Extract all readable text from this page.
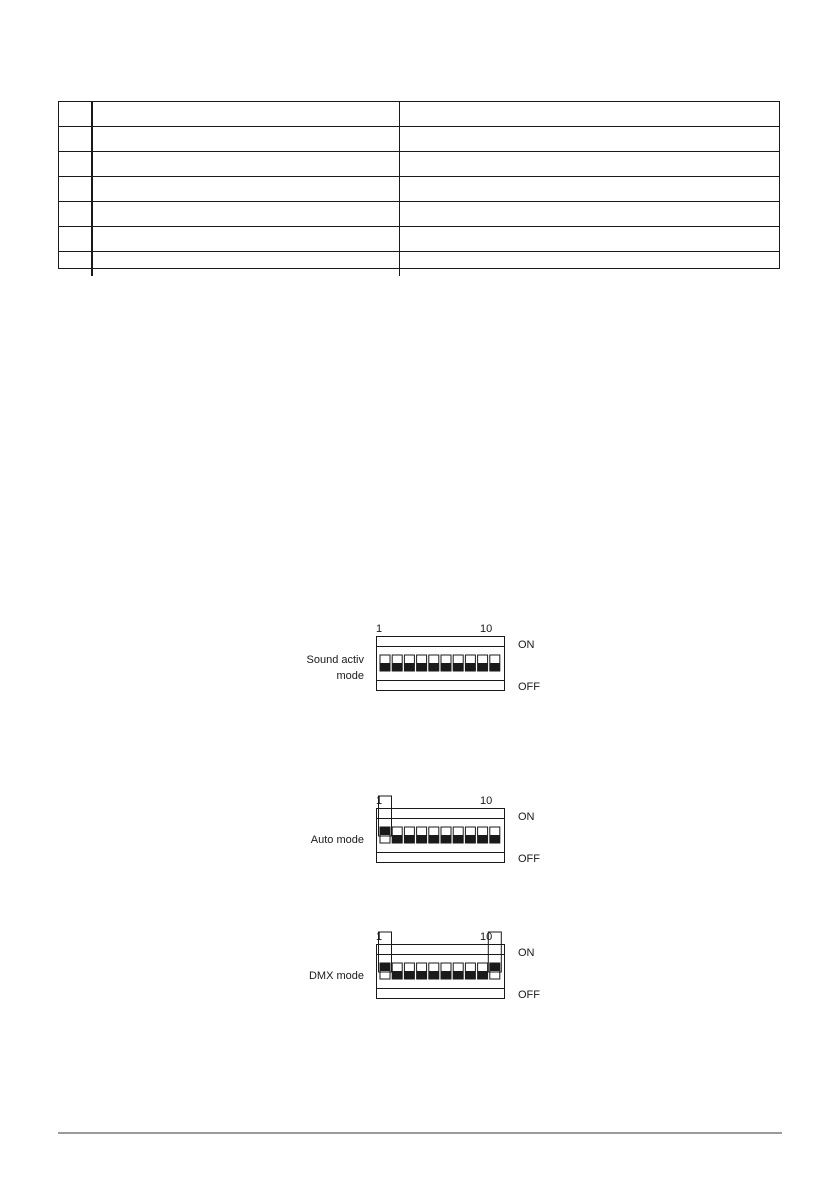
1	10
ON
OFF
Sound activ
mode
1	10
ON
OFF
Auto mode
1	10
ON
OFF
DMX mode
